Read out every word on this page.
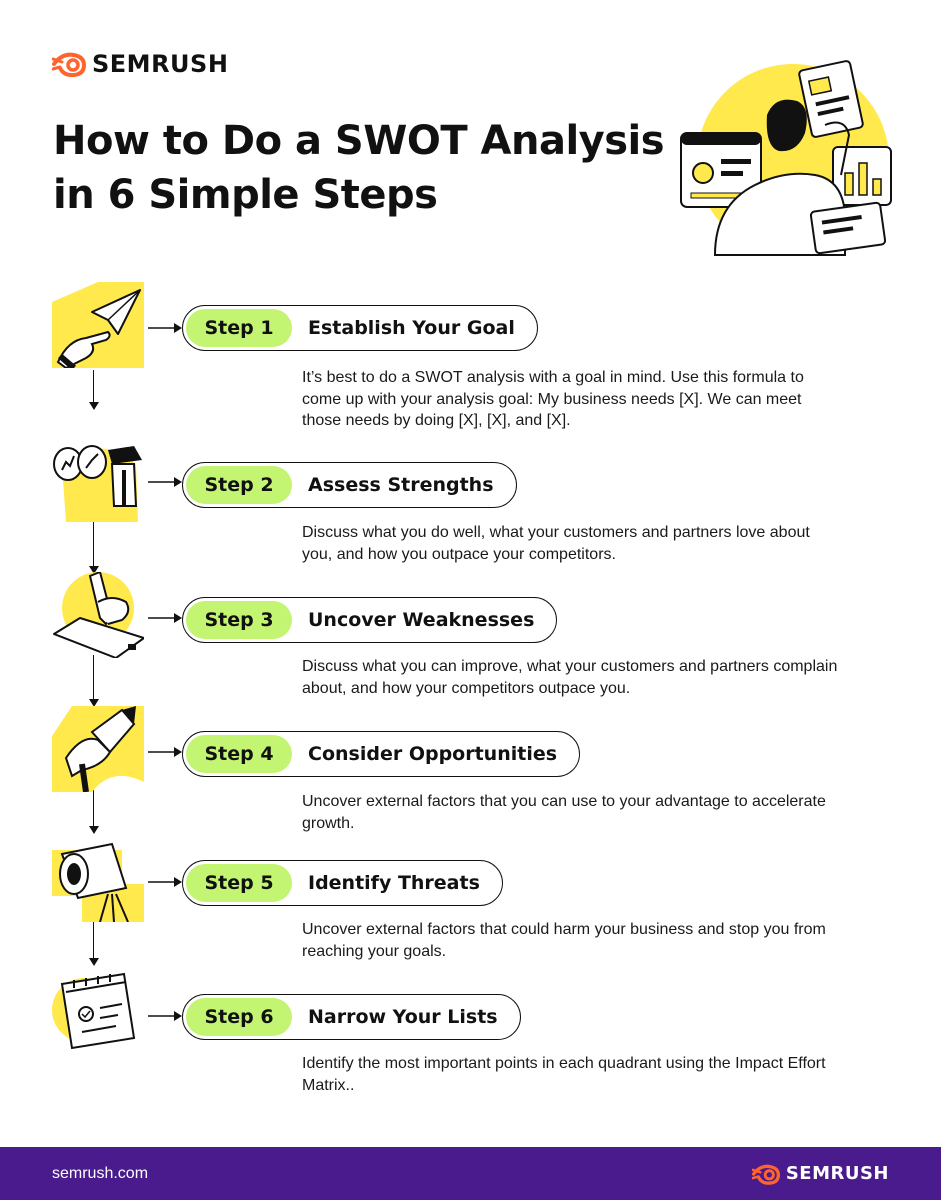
SEMRUSH
How to Do a SWOT Analysis
in 6 Simple Steps
Step 1	Establish Your Goal

It’s best to do a SWOT analysis with a goal in mind. Use this formula to come up with your analysis goal: My business needs [X]. We can meet those needs by doing [X], [X], and [X].

Step 2	Assess Strengths

Discuss what you do well, what your customers and partners love about you, and how you outpace your competitors.

Step 3	Uncover Weaknesses

Discuss what you can improve, what your customers and partners complain about, and how your competitors outpace you.

Step 4	Consider Opportunities

Uncover external factors that you can use to your advantage to accelerate growth.

Step 5	Identify Threats

Uncover external factors that could harm your business and stop you from reaching your goals.

Step 6	Narrow Your Lists

Identify the most important points in each quadrant using the Impact Effort Matrix..

semrush.com	SEMRUSH
